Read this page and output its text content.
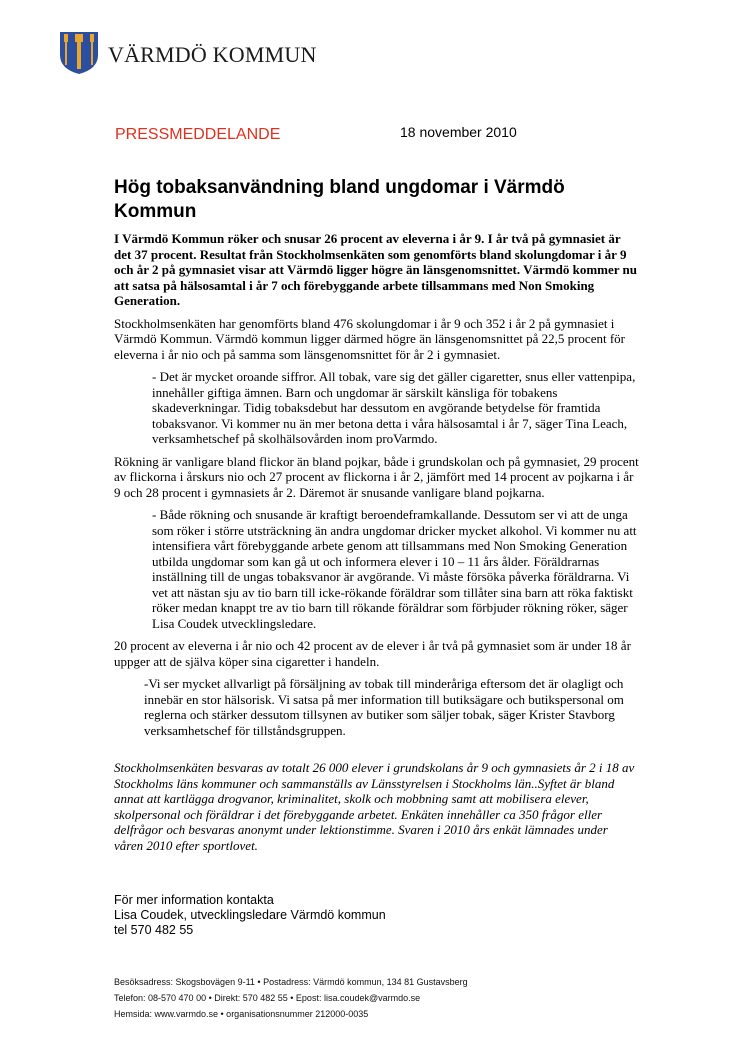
VÄRMDÖ KOMMUN
PRESSMEDDELANDE	18 november 2010
Hög tobaksanvändning bland ungdomar i Värmdö Kommun

I Värmdö Kommun röker och snusar 26 procent av eleverna i år 9. I år två på gymnasiet är det 37 procent. Resultat från Stockholmsenkäten som genomförts bland skolungdomar i år 9 och år 2 på gymnasiet visar att Värmdö ligger högre än länsgenomsnittet. Värmdö kommer nu att satsa på hälsosamtal i år 7 och förebyggande arbete tillsammans med Non Smoking Generation.

Stockholmsenkäten har genomförts bland 476 skolungdomar i år 9 och 352 i år 2 på gymnasiet i Värmdö Kommun. Värmdö kommun ligger därmed högre än länsgenomsnittet på 22,5 procent för eleverna i år nio och på samma som länsgenomsnittet för år 2 i gymnasiet.

- Det är mycket oroande siffror. All tobak, vare sig det gäller cigaretter, snus eller vattenpipa, innehåller giftiga ämnen. Barn och ungdomar är särskilt känsliga för tobakens skadeverkningar. Tidig tobaksdebut har dessutom en avgörande betydelse för framtida tobaksvanor. Vi kommer nu än mer betona detta i våra hälsosamtal i år 7, säger Tina Leach, verksamhetschef på skolhälsovården inom proVarmdo.

Rökning är vanligare bland flickor än bland pojkar, både i grundskolan och på gymnasiet, 29 procent av flickorna i årskurs nio och 27 procent av flickorna i år 2, jämfört med 14 procent av pojkarna i år 9 och 28 procent i gymnasiets år 2. Däremot är snusande vanligare bland pojkarna.

- Både rökning och snusande är kraftigt beroendeframkallande. Dessutom ser vi att de unga som röker i större utsträckning än andra ungdomar dricker mycket alkohol. Vi kommer nu att intensifiera vårt förebyggande arbete genom att tillsammans med Non Smoking Generation utbilda ungdomar som kan gå ut och informera elever i 10 – 11 års ålder. Föräldrarnas inställning till de ungas tobaksvanor är avgörande. Vi måste försöka påverka föräldrarna. Vi vet att nästan sju av tio barn till icke-rökande föräldrar som tillåter sina barn att röka faktiskt röker medan knappt tre av tio barn till rökande föräldrar som förbjuder rökning röker, säger Lisa Coudek utvecklingsledare.

20 procent av eleverna i år nio och 42 procent av de elever i år två på gymnasiet som är under 18 år uppger att de själva köper sina cigaretter i handeln.

-Vi ser mycket allvarligt på försäljning av tobak till minderåriga eftersom det är olagligt och innebär en stor hälsorisk. Vi satsa på mer information till butiksägare och butikspersonal om reglerna och stärker dessutom tillsynen av butiker som säljer tobak, säger Krister Stavborg verksamhetschef för tillståndsgruppen.

Stockholmsenkäten besvaras av totalt 26 000 elever i grundskolans år 9 och gymnasiets år 2 i 18 av Stockholms läns kommuner och sammanställs av Länsstyrelsen i Stockholms län..Syftet är bland annat att kartlägga drogvanor, kriminalitet, skolk och mobbning samt att mobilisera elever, skolpersonal och föräldrar i det förebyggande arbetet. Enkäten innehåller ca 350 frågor eller delfrågor och besvaras anonymt under lektionstimme. Svaren i 2010 års enkät lämnades under våren 2010 efter sportlovet.

För mer information kontakta
Lisa Coudek, utvecklingsledare Värmdö kommun
tel 570 482 55
Besöksadress: Skogsbovägen 9-11 • Postadress: Värmdö kommun, 134 81 Gustavsberg
Telefon: 08-570 470 00 • Direkt: 570 482 55 • Epost: lisa.coudek@varmdo.se
Hemsida: www.varmdo.se • organisationsnummer 212000-0035
